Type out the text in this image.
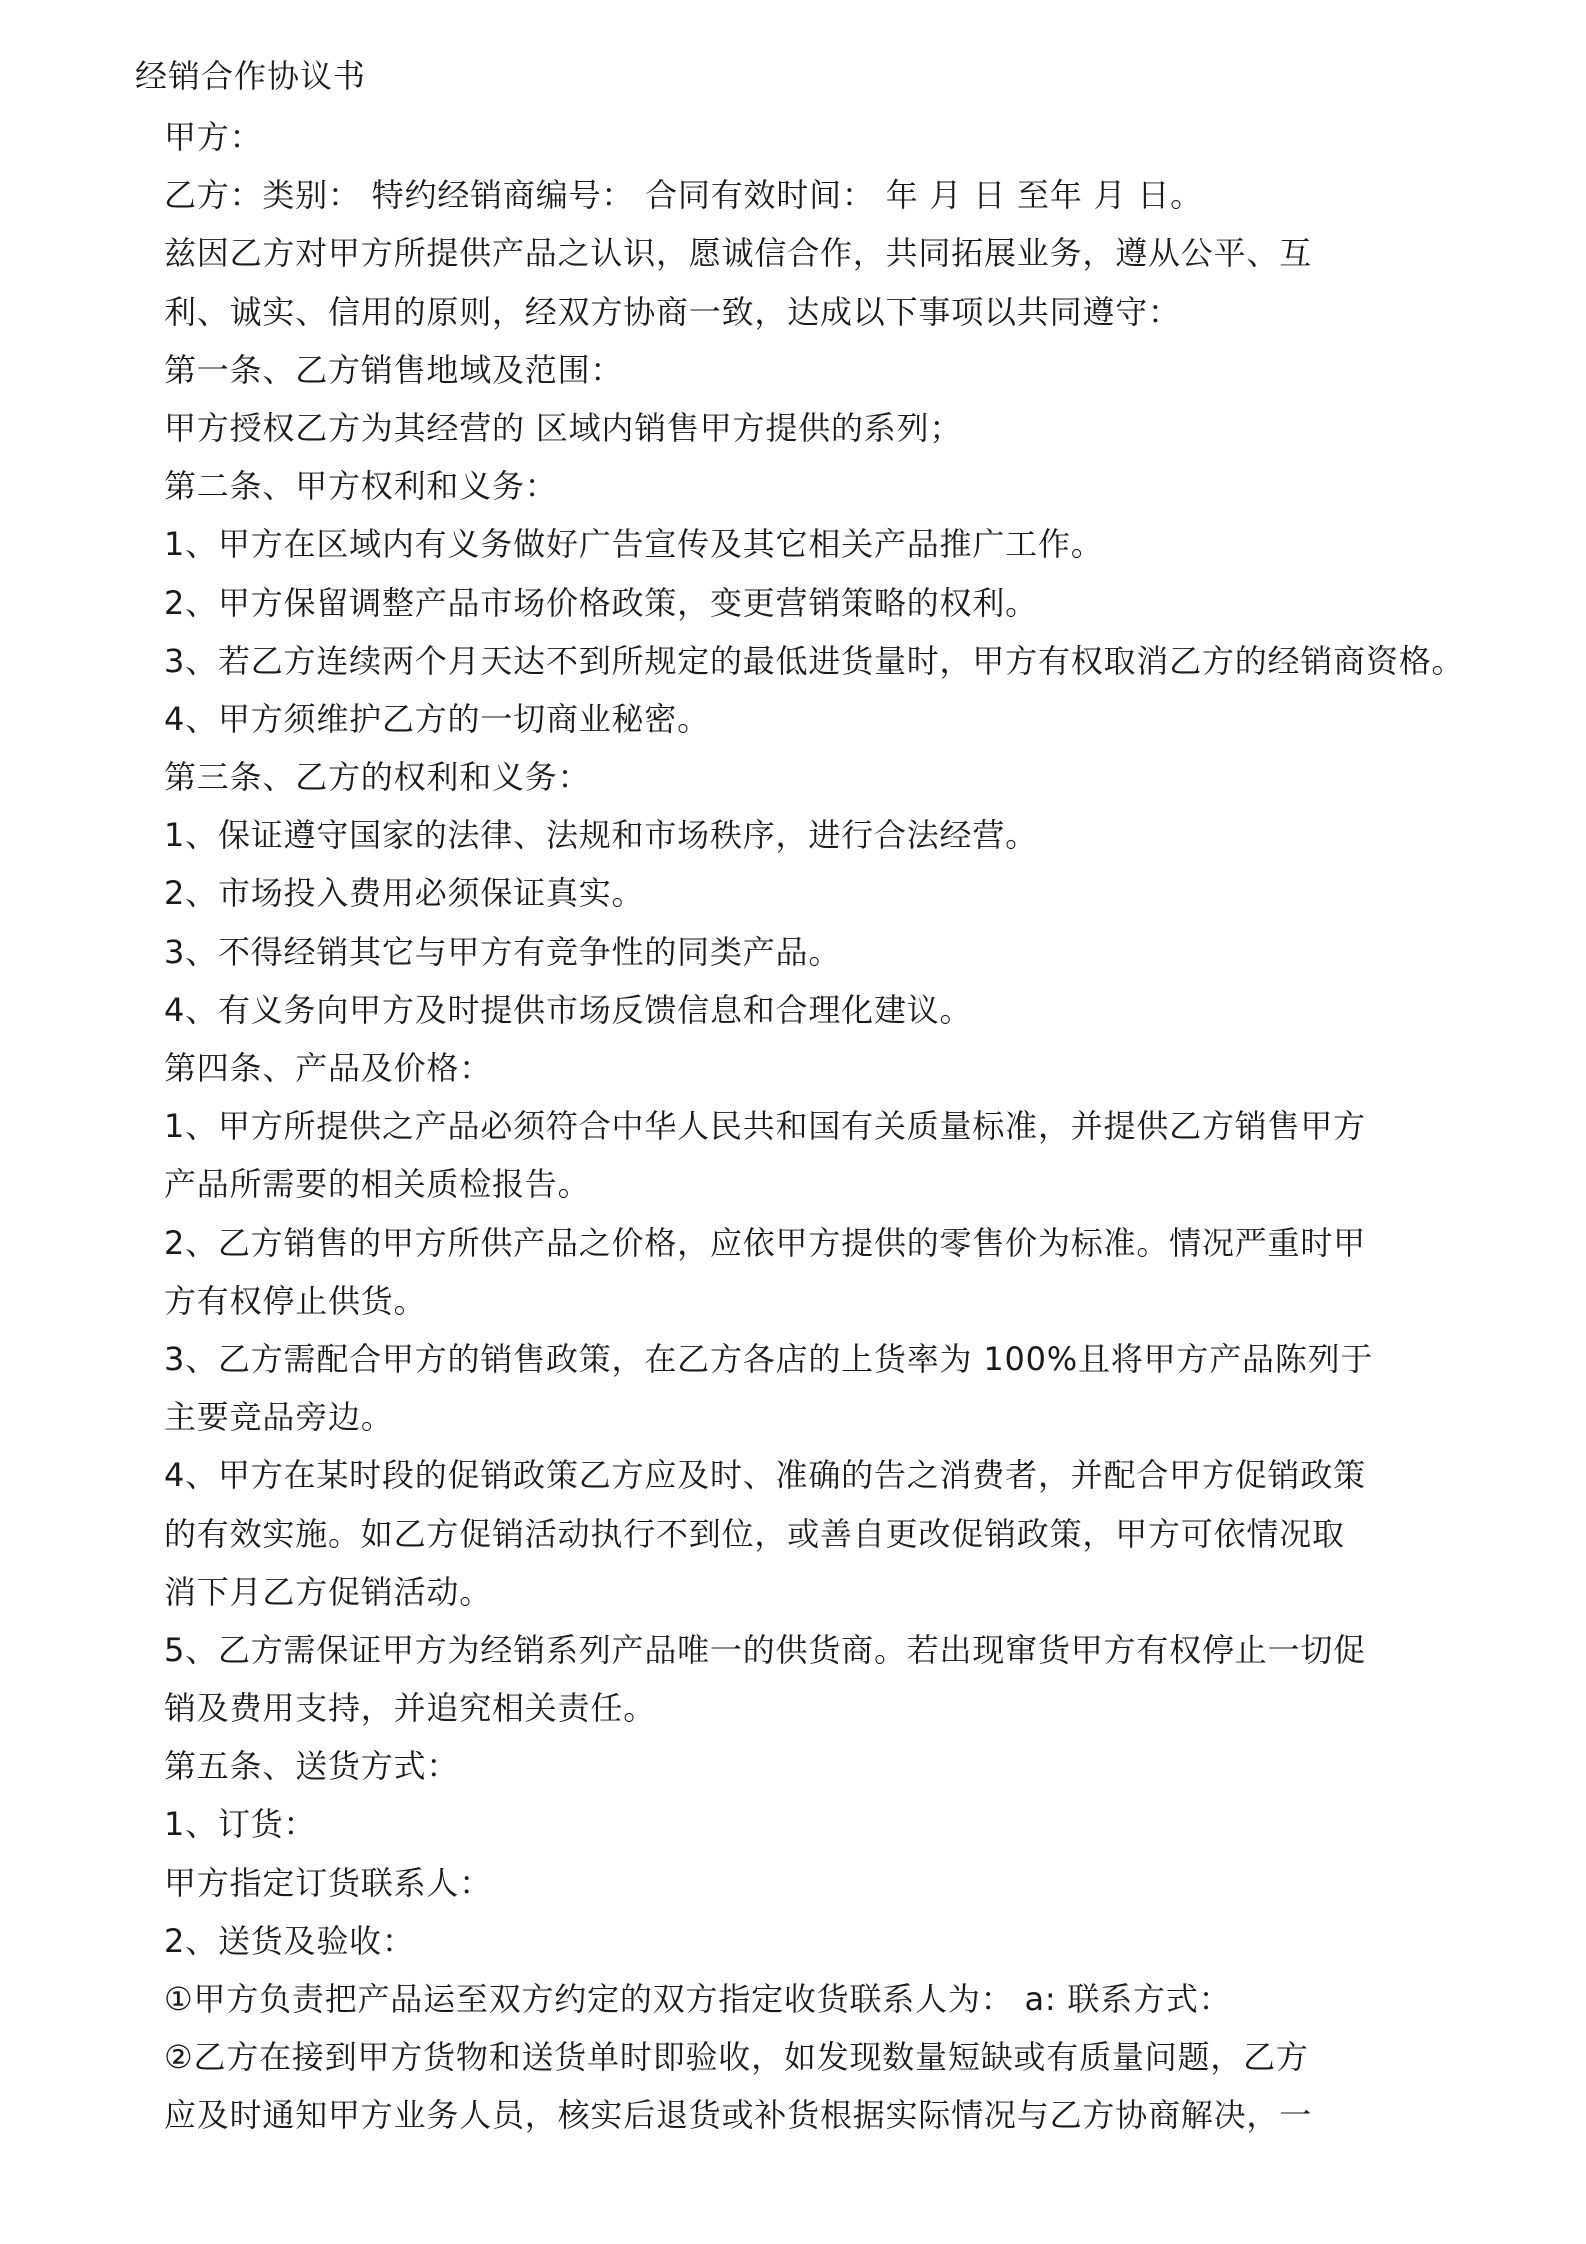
经销合作协议书
甲方：
乙方：类别： 特约经销商编号： 合同有效时间： 年 月 日 至年 月 日。
兹因乙方对甲方所提供产品之认识，愿诚信合作，共同拓展业务，遵从公平、互
利、诚实、信用的原则，经双方协商一致，达成以下事项以共同遵守：
第一条、乙方销售地域及范围：
甲方授权乙方为其经营的 区域内销售甲方提供的系列；
第二条、甲方权利和义务：
1、甲方在区域内有义务做好广告宣传及其它相关产品推广工作。
2、甲方保留调整产品市场价格政策，变更营销策略的权利。
3、若乙方连续两个月天达不到所规定的最低进货量时，甲方有权取消乙方的经销商资格。
4、甲方须维护乙方的一切商业秘密。
第三条、乙方的权利和义务：
1、保证遵守国家的法律、法规和市场秩序，进行合法经营。
2、市场投入费用必须保证真实。
3、不得经销其它与甲方有竞争性的同类产品。
4、有义务向甲方及时提供市场反馈信息和合理化建议。
第四条、产品及价格：
1、甲方所提供之产品必须符合中华人民共和国有关质量标准，并提供乙方销售甲方
产品所需要的相关质检报告。
2、乙方销售的甲方所供产品之价格，应依甲方提供的零售价为标准。情况严重时甲
方有权停止供货。
3、乙方需配合甲方的销售政策，在乙方各店的上货率为 100%且将甲方产品陈列于
主要竞品旁边。
4、甲方在某时段的促销政策乙方应及时、准确的告之消费者，并配合甲方促销政策
的有效实施。如乙方促销活动执行不到位，或善自更改促销政策，甲方可依情况取
消下月乙方促销活动。
5、乙方需保证甲方为经销系列产品唯一的供货商。若出现窜货甲方有权停止一切促
销及费用支持，并追究相关责任。
第五条、送货方式：
1、订货：
甲方指定订货联系人：
2、送货及验收：
①甲方负责把产品运至双方约定的双方指定收货联系人为： a: 联系方式：
②乙方在接到甲方货物和送货单时即验收，如发现数量短缺或有质量问题，乙方
应及时通知甲方业务人员，核实后退货或补货根据实际情况与乙方协商解决，一
